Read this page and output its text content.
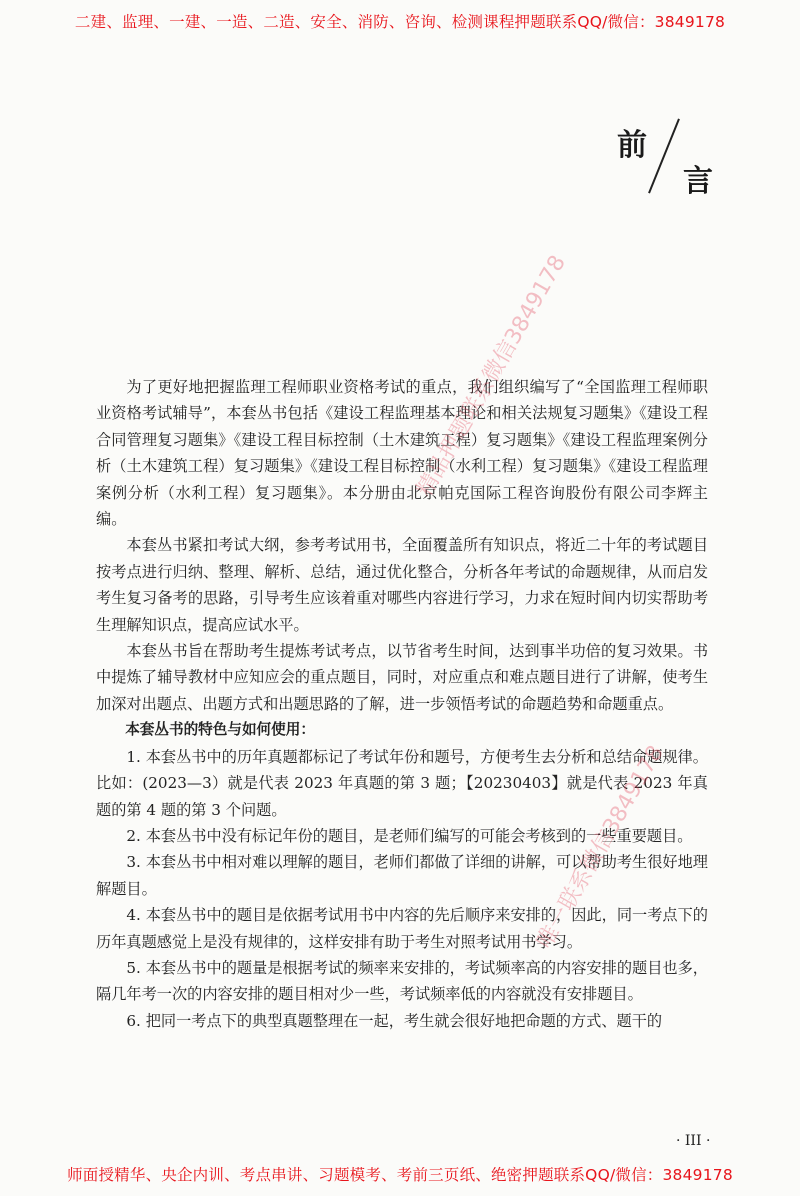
二建、监理、一建、一造、二造、安全、消防、咨询、检测课程押题联系QQ/微信：3849178
前
言

为了更好地把握监理工程师职业资格考试的重点，我们组织编写了“全国监理工程师职业资格考试辅导”，本套丛书包括《建设工程监理基本理论和相关法规复习题集》《建设工程合同管理复习题集》《建设工程目标控制（土木建筑工程）复习题集》《建设工程监理案例分析（土木建筑工程）复习题集》《建设工程目标控制（水利工程）复习题集》《建设工程监理案例分析（水利工程）复习题集》。本分册由北京帕克国际工程咨询股份有限公司李辉主编。

本套丛书紧扣考试大纲，参考考试用书，全面覆盖所有知识点，将近二十年的考试题目按考点进行归纳、整理、解析、总结，通过优化整合，分析各年考试的命题规律，从而启发考生复习备考的思路，引导考生应该着重对哪些内容进行学习，力求在短时间内切实帮助考生理解知识点，提高应试水平。

本套丛书旨在帮助考生提炼考试考点，以节省考生时间，达到事半功倍的复习效果。书中提炼了辅导教材中应知应会的重点题目，同时，对应重点和难点题目进行了讲解，使考生加深对出题点、出题方式和出题思路的了解，进一步领悟考试的命题趋势和命题重点。

本套丛书的特色与如何使用：

1. 本套丛书中的历年真题都标记了考试年份和题号，方便考生去分析和总结命题规律。比如：(2023—3）就是代表 2023 年真题的第 3 题；【20230403】就是代表 2023 年真题的第 4 题的第 3 个问题。

2. 本套丛书中没有标记年份的题目，是老师们编写的可能会考核到的一些重要题目。

3. 本套丛书中相对难以理解的题目，老师们都做了详细的讲解，可以帮助考生很好地理解题目。

4. 本套丛书中的题目是依据考试用书中内容的先后顺序来安排的，因此，同一考点下的历年真题感觉上是没有规律的，这样安排有助于考生对照考试用书学习。

5. 本套丛书中的题量是根据考试的频率来安排的，考试频率高的内容安排的题目也多，隔几年考一次的内容安排的题目相对少一些，考试频率低的内容就没有安排题目。

6. 把同一考点下的典型真题整理在一起，考生就会很好地把命题的方式、题干的

精品押题联系微信3849178
唯一联系微信3849178
· III ·
师面授精华、央企内训、考点串讲、习题模考、考前三页纸、绝密押题联系QQ/微信：3849178
